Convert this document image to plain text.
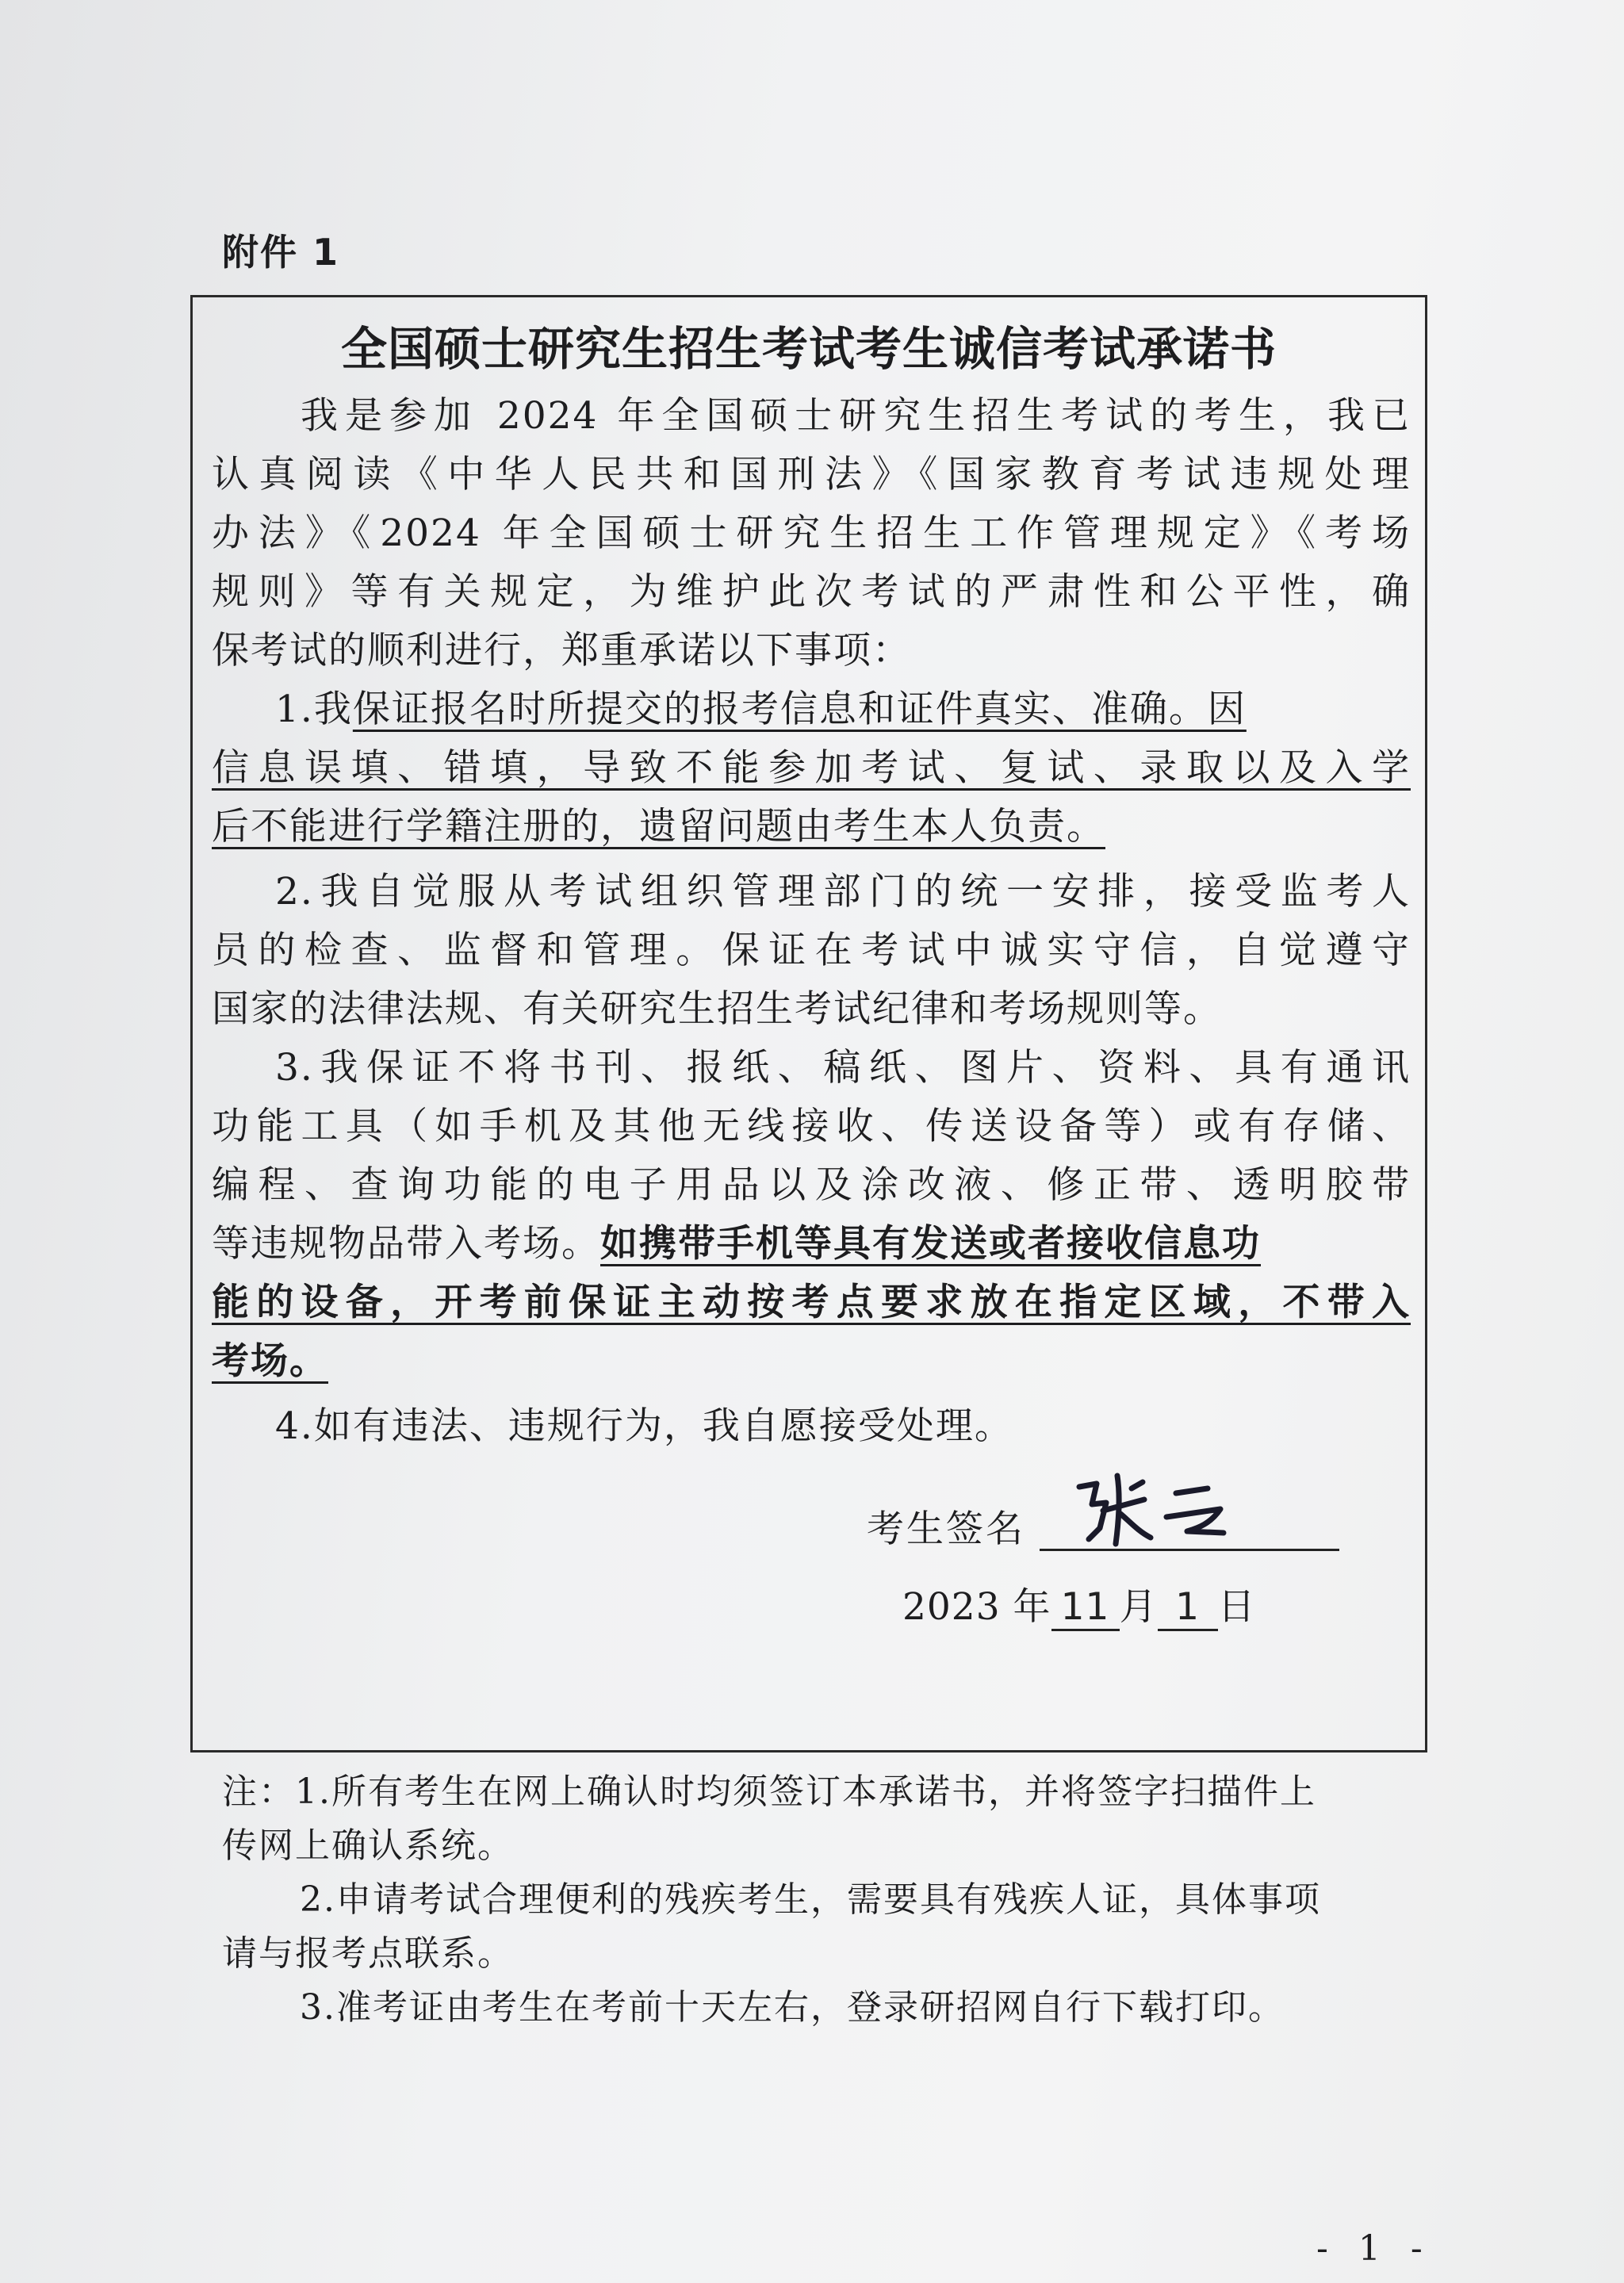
附件 1
全国硕士研究生招生考试考生诚信考试承诺书
我是参加 2024 年全国硕士研究生招生考试的考生，我已
认真阅读《中华人民共和国刑法》《国家教育考试违规处理
办法》《2024 年全国硕士研究生招生工作管理规定》《考场
规则》等有关规定，为维护此次考试的严肃性和公平性，确
保考试的顺利进行，郑重承诺以下事项：
1.我保证报名时所提交的报考信息和证件真实、准确。因
信息误填、错填，导致不能参加考试、复试、录取以及入学
后不能进行学籍注册的，遗留问题由考生本人负责。
2.我自觉服从考试组织管理部门的统一安排，接受监考人
员的检查、监督和管理。保证在考试中诚实守信，自觉遵守
国家的法律法规、有关研究生招生考试纪律和考场规则等。
3.我保证不将书刊、报纸、稿纸、图片、资料、具有通讯
功能工具（如手机及其他无线接收、传送设备等）或有存储、
编程、查询功能的电子用品以及涂改液、修正带、透明胶带
等违规物品带入考场。如携带手机等具有发送或者接收信息功
能的设备，开考前保证主动按考点要求放在指定区域，不带入
考场。
4.如有违法、违规行为，我自愿接受处理。
考生签名
2023 年 11 月 1 日
注：1.所有考生在网上确认时均须签订本承诺书，并将签字扫描件上
传网上确认系统。
2.申请考试合理便利的残疾考生，需要具有残疾人证，具体事项
请与报考点联系。
3.准考证由考生在考前十天左右，登录研招网自行下载打印。
- 1 -
